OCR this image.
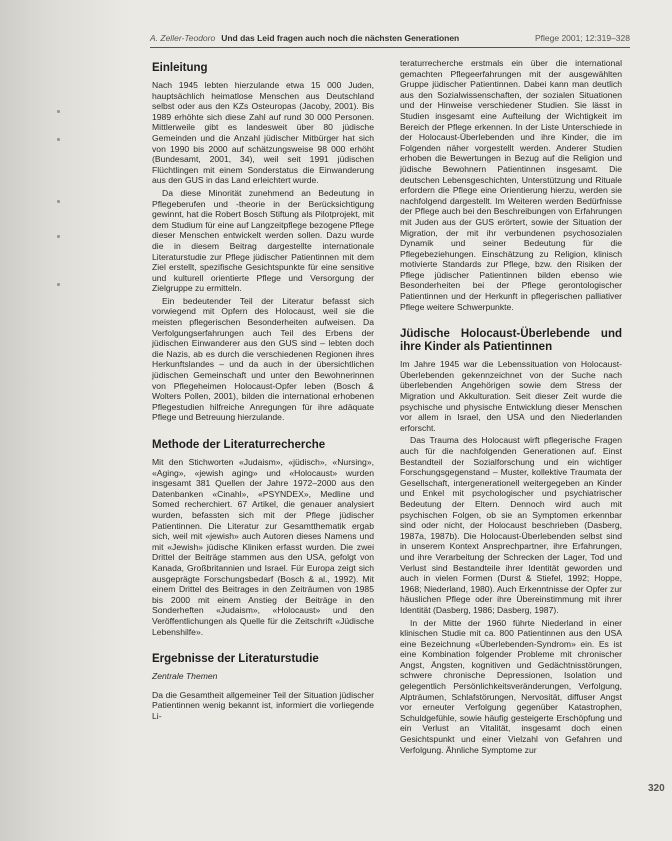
A. Zeller-Teodoro Und das Leid fragen auch noch die nächsten Generationen	Pflege 2001; 12:319–328
Einleitung

Nach 1945 lebten hierzulande etwa 15 000 Juden, hauptsächlich heimatlose Menschen aus Deutschland selbst oder aus den KZs Osteuropas (Jacoby, 2001). Bis 1989 erhöhte sich diese Zahl auf rund 30 000 Personen. Mittlerweile gibt es landesweit über 80 jüdische Gemeinden und die Anzahl jüdischer Mitbürger hat sich von 1990 bis 2000 auf schätzungsweise 98 000 erhöht (Bundesamt, 2001, 34), weil seit 1991 jüdischen Flüchtlingen mit einem Sonderstatus die Einwanderung aus den GUS in das Land erleichtert wurde.

Da diese Minorität zunehmend an Bedeutung in Pflegeberufen und -theorie in der Berücksichtigung gewinnt, hat die Robert Bosch Stiftung als Pilotprojekt, mit dem Studium für eine auf Langzeitpflege bezogene Pflege dieser Menschen entwickelt werden sollen. Dazu wurde die in diesem Beitrag dargestellte internationale Literaturstudie zur Pflege jüdischer Patientinnen mit dem Ziel erstellt, spezifische Gesichtspunkte für eine sensitive und kulturell orientierte Pflege und Versorgung der Zielgruppe zu ermitteln.

Ein bedeutender Teil der Literatur befasst sich vorwiegend mit Opfern des Holocaust, weil sie die meisten pflegerischen Besonderheiten aufweisen. Da Verfolgungserfahrungen auch Teil des Erbens der jüdischen Einwanderer aus den GUS sind – lebten doch die Nazis, ab es durch die verschiedenen Regionen ihres Herkunftslandes – und da auch in der übersichtlichen jüdischen Gemeinschaft und unter den Bewohnerinnen von Pflegeheimen Holocaust-Opfer leben (Bosch & Wolters Pollen, 2001), bilden die international erhobenen Pflegestudien hilfreiche Anregungen für ihre adäquate Pflege und Betreuung hierzulande.

Methode der Literaturrecherche

Mit den Stichworten «Judaism», «jüdisch», «Nursing», «Aging», «jewish aging» und «Holocaust» wurden insgesamt 381 Quellen der Jahre 1972–2000 aus den Datenbanken «Cinahl», «PSYNDEX», Medline und Somed recherchiert. 67 Artikel, die genauer analysiert wurden, befassten sich mit der Pflege jüdischer Patientinnen. Die Literatur zur Gesamtthematik ergab sich, weil mit «jewish» auch Autoren dieses Namens und mit «Jewish» jüdische Kliniken erfasst wurden. Die zwei Drittel der Beiträge stammen aus den USA, gefolgt von Kanada, Großbritannien und Israel. Für Europa zeigt sich ausgeprägte Forschungsbedarf (Bosch & al., 1992). Mit einem Drittel des Beitrages in den Zeiträumen von 1985 bis 2000 mit einem Anstieg der Beiträge in den Sonderheften «Judaism», «Holocaust» und den Veröffentlichungen als Quelle für die Zeitschrift «Jüdische Lebenshilfe».

Ergebnisse der Literaturstudie
Zentrale Themen

Da die Gesamtheit allgemeiner Teil der Situation jüdischer Patientinnen wenig bekannt ist, informiert die vorliegende Li-

teraturrecherche erstmals ein über die international gemachten Pflegeerfahrungen mit der ausgewählten Gruppe jüdischer Patientinnen. Dabei kann man deutlich aus den Sozialwissenschaften, der sozialen Situationen und der Hinweise verschiedener Studien. Sie lässt in Studien insgesamt eine Aufteilung der Wichtigkeit im Bereich der Pflege erkennen. In der Liste Unterschiede in der Holocaust-Überlebenden und ihre Kinder, die im Folgenden näher vorgestellt werden. Anderer Studien erhoben die Bewertungen in Bezug auf die Religion und jüdische Bewohnern Patientinnen insgesamt. Die deutschen Lebensgeschichten, Unterstützung und Rituale erfordern die Pflege eine Orientierung hierzu, werden sie nachfolgend dargestellt. Im Weiteren werden Bedürfnisse der Pflege auch bei den Beschreibungen von Erfahrungen mit Juden aus der GUS erörtert, sowie der Situation der Migration, der mit ihr verbundenen psychosozialen Dynamik und seiner Bedeutung für die Pflegebeziehungen. Einschätzung zu Religion, klinisch motivierte Standards zur Pflege, bzw. den Risiken der Pflege jüdischer Patientinnen bilden ebenso wie Besonderheiten bei der Pflege gerontologischer Patientinnen und der Herkunft in pflegerischen palliativer Pflege weitere Schwerpunkte.

Jüdische Holocaust-Überlebende und ihre Kinder als Patientinnen

Im Jahre 1945 war die Lebenssituation von Holocaust-Überlebenden gekennzeichnet von der Suche nach überlebenden Angehörigen sowie dem Stress der Migration und Akkulturation. Seit dieser Zeit wurde die psychische und physische Entwicklung dieser Menschen vor allem in Israel, den USA und den Niederlanden erforscht.

Das Trauma des Holocaust wirft pflegerische Fragen auch für die nachfolgenden Generationen auf. Einst Bestandteil der Sozialforschung und ein wichtiger Forschungsgegenstand – Muster, kollektive Traumata der Gesellschaft, intergenerationell weitergegeben an Kinder und Enkel mit psychologischer und psychiatrischer Bedeutung der Eltern. Dennoch wird auch mit psychischen Folgen, ob sie an Symptomen erkennbar sind oder nicht, der Holocaust beschrieben (Dasberg, 1987a, 1987b). Die Holocaust-Überlebenden selbst sind in unserem Kontext Ansprechpartner, ihre Erfahrungen, und ihre Verarbeitung der Schrecken der Lager, Tod und Verlust sind Bestandteile ihrer Identität geworden und auch in vielen Formen (Durst & Stiefel, 1992; Hoppe, 1968; Niederland, 1980). Auch Erkenntnisse der Opfer zur häuslichen Pflege oder ihre Übereinstimmung mit ihrer Identität (Dasberg, 1986; Dasberg, 1987).

In der Mitte der 1960 führte Niederland in einer klinischen Studie mit ca. 800 Patientinnen aus den USA eine Bezeichnung «Überlebenden-Syndrom» ein. Es ist eine Kombination folgender Probleme mit chronischer Angst, Ängsten, kognitiven und Gedächtnisstörungen, schwere chronische Depressionen, Isolation und gelegentlich Persönlichkeitsveränderungen, Verfolgung, Alpträumen, Schlafstörungen, Nervosität, diffuser Angst vor erneuter Verfolgung gegenüber Katastrophen, Schuldgefühle, sowie häufig gesteigerte Erschöpfung und ein Verlust an Vitalität, insgesamt doch einen Gesichtspunkt und einer Vielzahl von Gefahren und Verfolgung. Ähnliche Symptome zur

320
